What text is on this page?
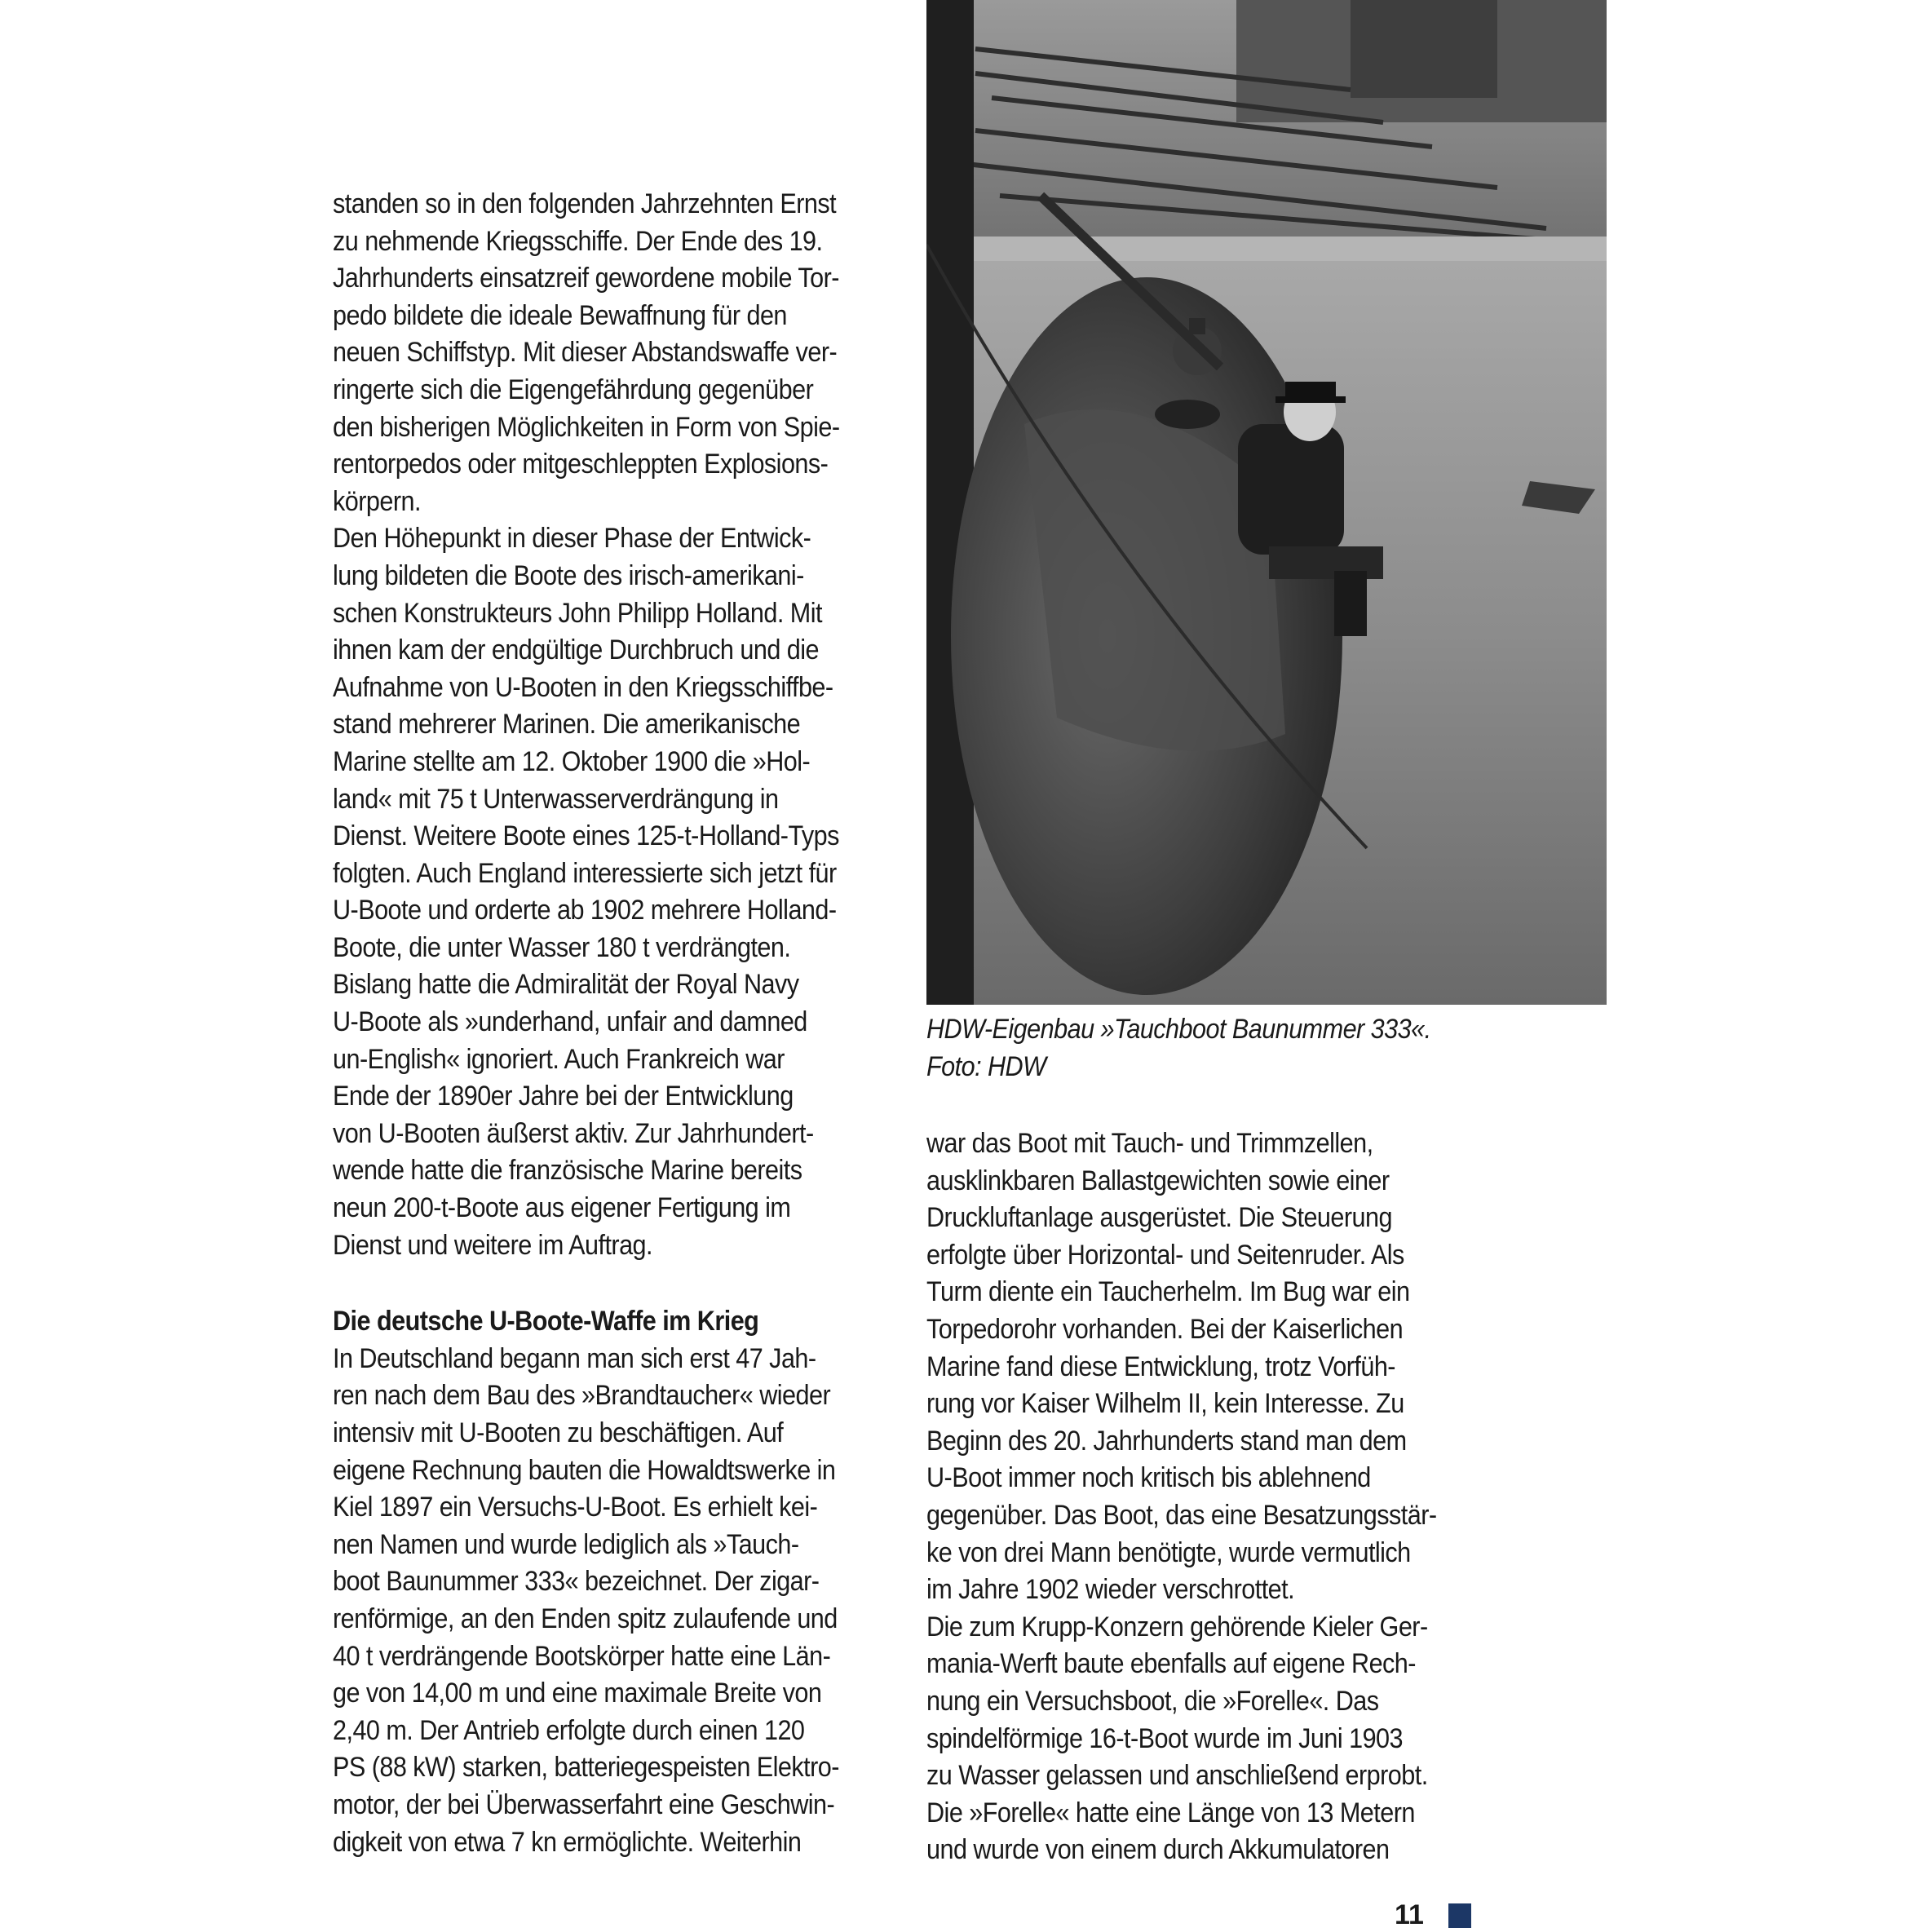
standen so in den folgenden Jahrzehnten Ernst

zu nehmende Kriegsschiffe. Der Ende des 19.

Jahrhunderts einsatzreif gewordene mobile Tor-

pedo bildete die ideale Bewaffnung für den

neuen Schiffstyp. Mit dieser Abstandswaffe ver-

ringerte sich die Eigengefährdung gegenüber

den bisherigen Möglichkeiten in Form von Spie-

rentorpedos oder mitgeschleppten Explosions-

körpern.

Den Höhepunkt in dieser Phase der Entwick-

lung bildeten die Boote des irisch-amerikani-

schen Konstrukteurs John Philipp Holland. Mit

ihnen kam der endgültige Durchbruch und die

Aufnahme von U-Booten in den Kriegsschiffbe-

stand mehrerer Marinen. Die amerikanische

Marine stellte am 12. Oktober 1900 die »Hol-

land« mit 75 t Unterwasserverdrängung in

Dienst. Weitere Boote eines 125-t-Holland-Typs

folgten. Auch England interessierte sich jetzt für

U-Boote und orderte ab 1902 mehrere Holland-

Boote, die unter Wasser 180 t verdrängten.

Bislang hatte die Admiralität der Royal Navy

U-Boote als »underhand, unfair and damned

un-English« ignoriert. Auch Frankreich war

Ende der 1890er Jahre bei der Entwicklung

von U-Booten äußerst aktiv. Zur Jahrhundert-

wende hatte die französische Marine bereits

neun 200-t-Boote aus eigener Fertigung im

Dienst und weitere im Auftrag.

Die deutsche U-Boote-Waffe im Krieg

In Deutschland begann man sich erst 47 Jah-

ren nach dem Bau des »Brandtaucher« wieder

intensiv mit U-Booten zu beschäftigen. Auf

eigene Rechnung bauten die Howaldtswerke in

Kiel 1897 ein Versuchs-U-Boot. Es erhielt kei-

nen Namen und wurde lediglich als »Tauch-

boot Baunummer 333« bezeichnet. Der zigar-

renförmige, an den Enden spitz zulaufende und

40 t verdrängende Bootskörper hatte eine Län-

ge von 14,00 m und eine maximale Breite von

2,40 m. Der Antrieb erfolgte durch einen 120

PS (88 kW) starken, batteriegespeisten Elektro-

motor, der bei Überwasserfahrt eine Geschwin-

digkeit von etwa 7 kn ermöglichte. Weiterhin

HDW-Eigenbau »Tauchboot Baunummer 333«.
Foto: HDW

war das Boot mit Tauch- und Trimmzellen,

ausklinkbaren Ballastgewichten sowie einer

Druckluftanlage ausgerüstet. Die Steuerung

erfolgte über Horizontal- und Seitenruder. Als

Turm diente ein Taucherhelm. Im Bug war ein

Torpedorohr vorhanden. Bei der Kaiserlichen

Marine fand diese Entwicklung, trotz Vorfüh-

rung vor Kaiser Wilhelm II, kein Interesse. Zu

Beginn des 20. Jahrhunderts stand man dem

U-Boot immer noch kritisch bis ablehnend

gegenüber. Das Boot, das eine Besatzungsstär-

ke von drei Mann benötigte, wurde vermutlich

im Jahre 1902 wieder verschrottet.

Die zum Krupp-Konzern gehörende Kieler Ger-

mania-Werft baute ebenfalls auf eigene Rech-

nung ein Versuchsboot, die »Forelle«. Das

spindelförmige 16-t-Boot wurde im Juni 1903

zu Wasser gelassen und anschließend erprobt.

Die »Forelle« hatte eine Länge von 13 Metern

und wurde von einem durch Akkumulatoren

11
